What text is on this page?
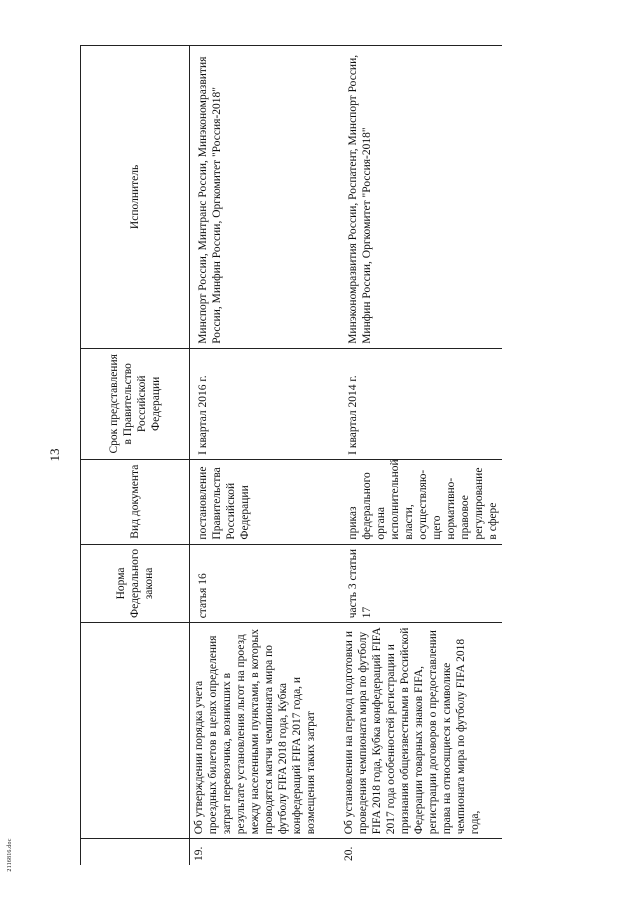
13
		Норма Федерального закона	Вид документа	Срок представления в Правительство Российской Федерации	Исполнитель
19.	Об утверждении порядка учета проездных билетов в целях определения затрат перевозчика, возникших в результате установления льгот на проезд между населенными пунктами, в которых проводятся матчи чемпионата мира по футболу FIFA 2018 года, Кубка конфедераций FIFA 2017 года, и возмещения таких затрат	статья 16	постановление Правительства Российской Федерации	I квартал 2016 г.	Минспорт России, Минтранс России, Минэкономразвития России, Минфин России, Оргкомитет "Россия-2018"
20.	Об установлении на период подготовки и проведения чемпионата мира по футболу FIFA 2018 года, Кубка конфедераций FIFA 2017 года особенностей регистрации и признания общеизвестными в Российской Федерации товарных знаков FIFA, регистрации договоров о предоставлении права на относящиеся к символике чемпионата мира по футболу FIFA 2018 года,	часть 3 статьи 17	приказ федерального органа исполнительной власти, осуществляю- щего нормативно- правовое регулирование в сфере	I квартал 2014 г.	Минэкономразвития России, Роспатент, Минспорт России, Минфин России, Оргкомитет "Россия-2018"
2116816.doc
